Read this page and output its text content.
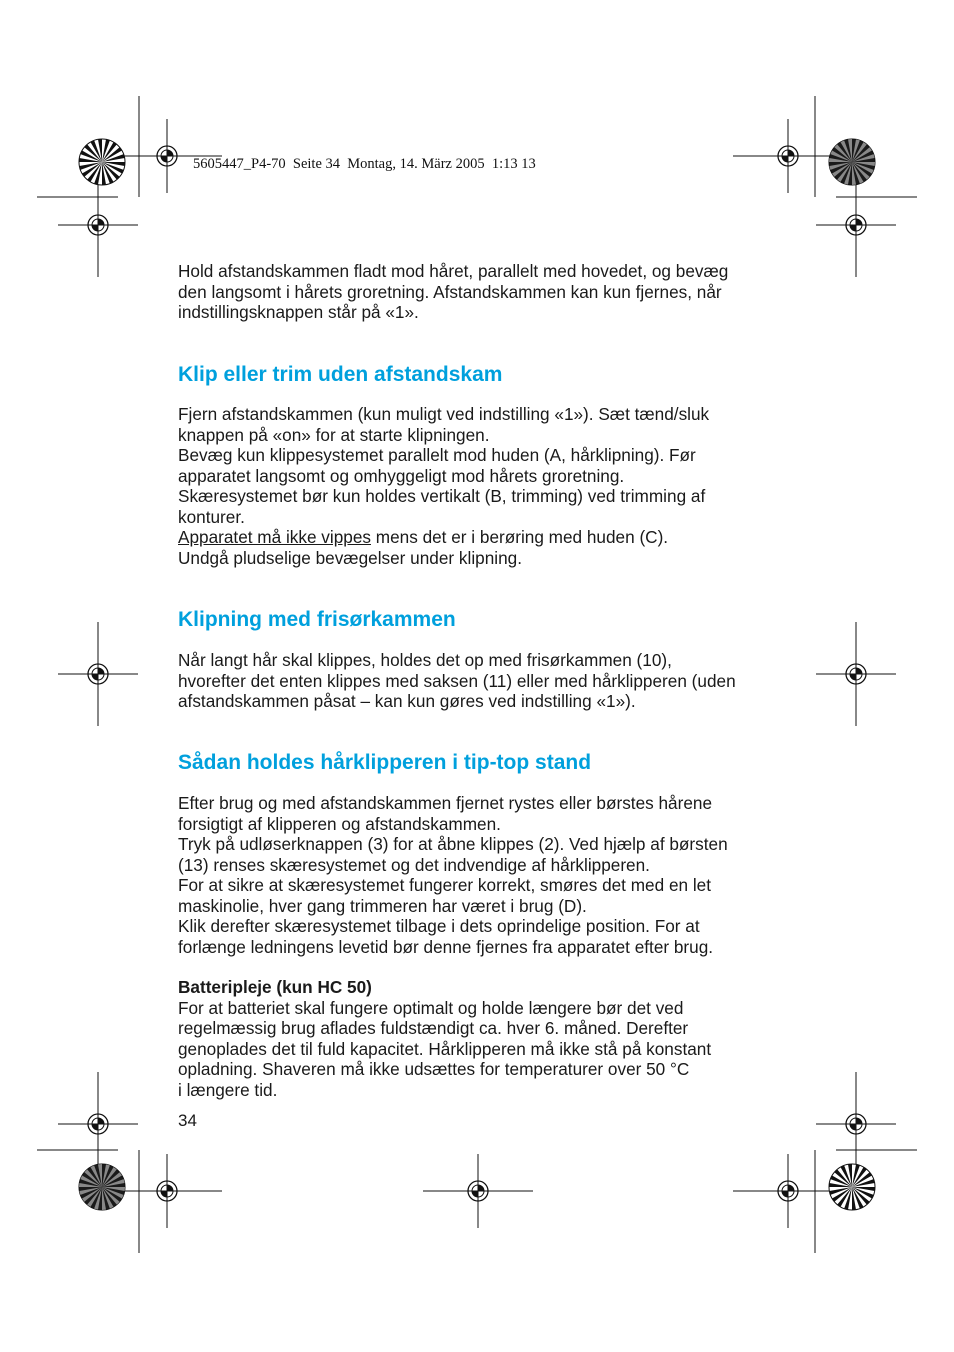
5605447_P4-70  Seite 34  Montag, 14. März 2005  1:13 13

Hold afstandskammen fladt mod håret, parallelt med hovedet, og bevæg

den langsomt i hårets groretning. Afstandskammen kan kun fjernes, når

indstillingsknappen står på «1».

Klip eller trim uden afstandskam

Fjern afstandskammen (kun muligt ved indstilling «1»). Sæt tænd/sluk

knappen på «on» for at starte klipningen.

Bevæg kun klippesystemet parallelt mod huden (A, hårklipning). Før

apparatet langsomt og omhyggeligt mod hårets groretning.

Skæresystemet bør kun holdes vertikalt (B, trimming) ved trimming af

konturer.

Apparatet må ikke vippes mens det er i berøring med huden (C).

Undgå pludselige bevægelser under klipning.

Klipning med frisørkammen

Når langt hår skal klippes, holdes det op med frisørkammen (10),

hvorefter det enten klippes med saksen (11) eller med hårklipperen (uden

afstandskammen påsat – kan kun gøres ved indstilling «1»).

Sådan holdes hårklipperen i tip-top stand

Efter brug og med afstandskammen fjernet rystes eller børstes hårene

forsigtigt af klipperen og afstandskammen.

Tryk på udløserknappen (3) for at åbne klippes (2). Ved hjælp af børsten

(13) renses skæresystemet og det indvendige af hårklipperen.

For at sikre at skæresystemet fungerer korrekt, smøres det med en let

maskinolie, hver gang trimmeren har været i brug (D).

Klik derefter skæresystemet tilbage i dets oprindelige position. For at

forlænge ledningens levetid bør denne fjernes fra apparatet efter brug.

Batteripleje (kun HC 50)

For at batteriet skal fungere optimalt og holde længere bør det ved

regelmæssig brug aflades fuldstændigt ca. hver 6. måned. Derefter

genoplades det til fuld kapacitet. Hårklipperen må ikke stå på konstant

opladning. Shaveren må ikke udsættes for temperaturer over 50 °C

i længere tid.

34
